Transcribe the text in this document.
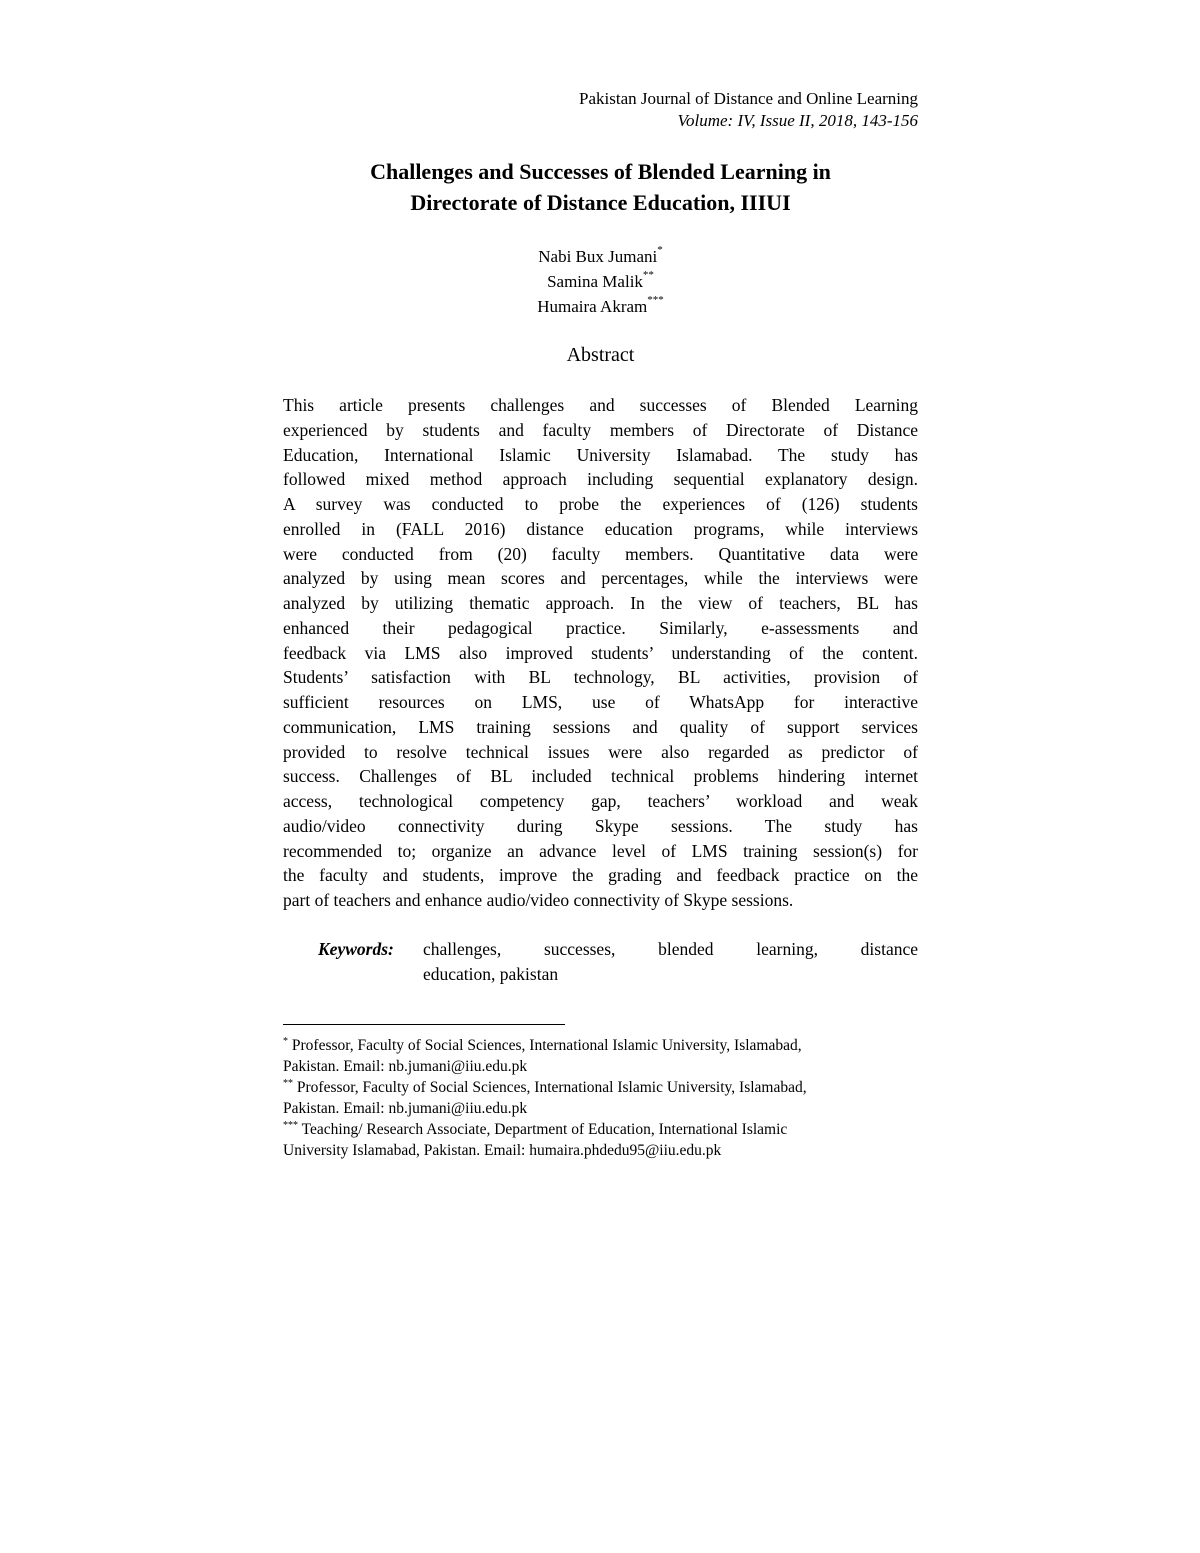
Pakistan Journal of Distance and Online Learning
Volume: IV, Issue II, 2018, 143-156
Challenges and Successes of Blended Learning in
Directorate of Distance Education, IIIUI
Nabi Bux Jumani*
Samina Malik**
Humaira Akram***
Abstract
This article presents challenges and successes of Blended Learning
experienced by students and faculty members of Directorate of Distance
Education, International Islamic University Islamabad. The study has
followed mixed method approach including sequential explanatory design.
A survey was conducted to probe the experiences of (126) students
enrolled in (FALL 2016) distance education programs, while interviews
were conducted from (20) faculty members. Quantitative data were
analyzed by using mean scores and percentages, while the interviews were
analyzed by utilizing thematic approach. In the view of teachers, BL has
enhanced their pedagogical practice. Similarly, e-assessments and
feedback via LMS also improved students’ understanding of the content.
Students’ satisfaction with BL technology, BL activities, provision of
sufficient resources on LMS, use of WhatsApp for interactive
communication, LMS training sessions and quality of support services
provided to resolve technical issues were also regarded as predictor of
success. Challenges of BL included technical problems hindering internet
access, technological competency gap, teachers’ workload and weak
audio/video connectivity during Skype sessions. The study has
recommended to; organize an advance level of LMS training session(s) for
the faculty and students, improve the grading and feedback practice on the
part of teachers and enhance audio/video connectivity of Skype sessions.
Keywords: challenges, successes, blended learning, distance
education, pakistan
* Professor, Faculty of Social Sciences, International Islamic University, Islamabad,
Pakistan. Email: nb.jumani@iiu.edu.pk
** Professor, Faculty of Social Sciences, International Islamic University, Islamabad,
Pakistan. Email: nb.jumani@iiu.edu.pk
*** Teaching/ Research Associate, Department of Education, International Islamic
University Islamabad, Pakistan. Email: humaira.phdedu95@iiu.edu.pk
